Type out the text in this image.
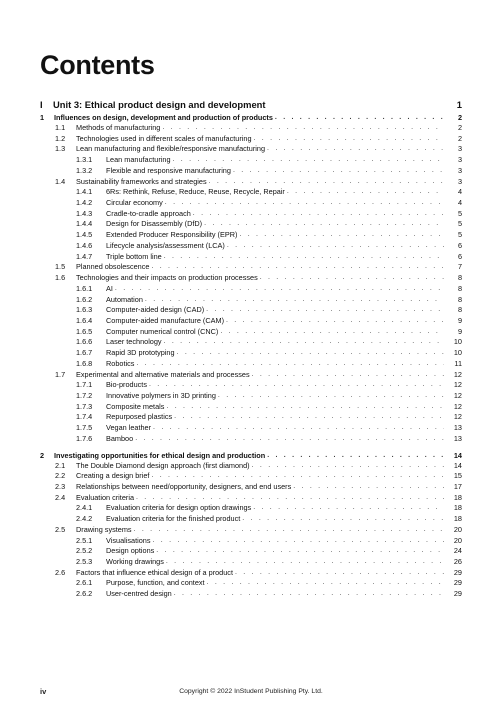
Contents
I Unit 3: Ethical product design and development	1
1 Influences on design, development and production of products . . .	2
1.1 Methods of manufacturing . . .	2
1.2 Technologies used in different scales of manufacturing . . .	2
1.3 Lean manufacturing and flexible/responsive manufacturing . . .	3
1.3.1 Lean manufacturing . . .	3
1.3.2 Flexible and responsive manufacturing . . .	3
1.4 Sustainability frameworks and strategies . . .	3
1.4.1 6Rs: Rethink, Refuse, Reduce, Reuse, Recycle, Repair . . .	4
1.4.2 Circular economy . . .	4
1.4.3 Cradle-to-cradle approach . . .	5
1.4.4 Design for Disassembly (DfD) . . .	5
1.4.5 Extended Producer Responsibility (EPR) . . .	5
1.4.6 Lifecycle analysis/assessment (LCA) . . .	6
1.4.7 Triple bottom line . . .	6
1.5 Planned obsolescence . . .	7
1.6 Technologies and their impacts on production processes . . .	8
1.6.1 AI . . .	8
1.6.2 Automation . . .	8
1.6.3 Computer-aided design (CAD) . . .	8
1.6.4 Computer-aided manufacture (CAM) . . .	9
1.6.5 Computer numerical control (CNC) . . .	9
1.6.6 Laser technology . . .	10
1.6.7 Rapid 3D prototyping . . .	10
1.6.8 Robotics . . .	11
1.7 Experimental and alternative materials and processes . . .	12
1.7.1 Bio-products . . .	12
1.7.2 Innovative polymers in 3D printing . . .	12
1.7.3 Composite metals . . .	12
1.7.4 Repurposed plastics . . .	12
1.7.5 Vegan leather . . .	13
1.7.6 Bamboo . . .	13
2 Investigating opportunities for ethical design and production . . .	14
2.1 The Double Diamond design approach (first diamond) . . .	14
2.2 Creating a design brief . . .	15
2.3 Relationships between need/opportunity, designers, and end users . . .	17
2.4 Evaluation criteria . . .	18
2.4.1 Evaluation criteria for design option drawings . . .	18
2.4.2 Evaluation criteria for the finished product . . .	18
2.5 Drawing systems . . .	20
2.5.1 Visualisations . . .	20
2.5.2 Design options . . .	24
2.5.3 Working drawings . . .	26
2.6 Factors that influence ethical design of a product . . .	29
2.6.1 Purpose, function, and context . . .	29
2.6.2 User-centred design . . .	29
iv	Copyright © 2022 InStudent Publishing Pty. Ltd.
